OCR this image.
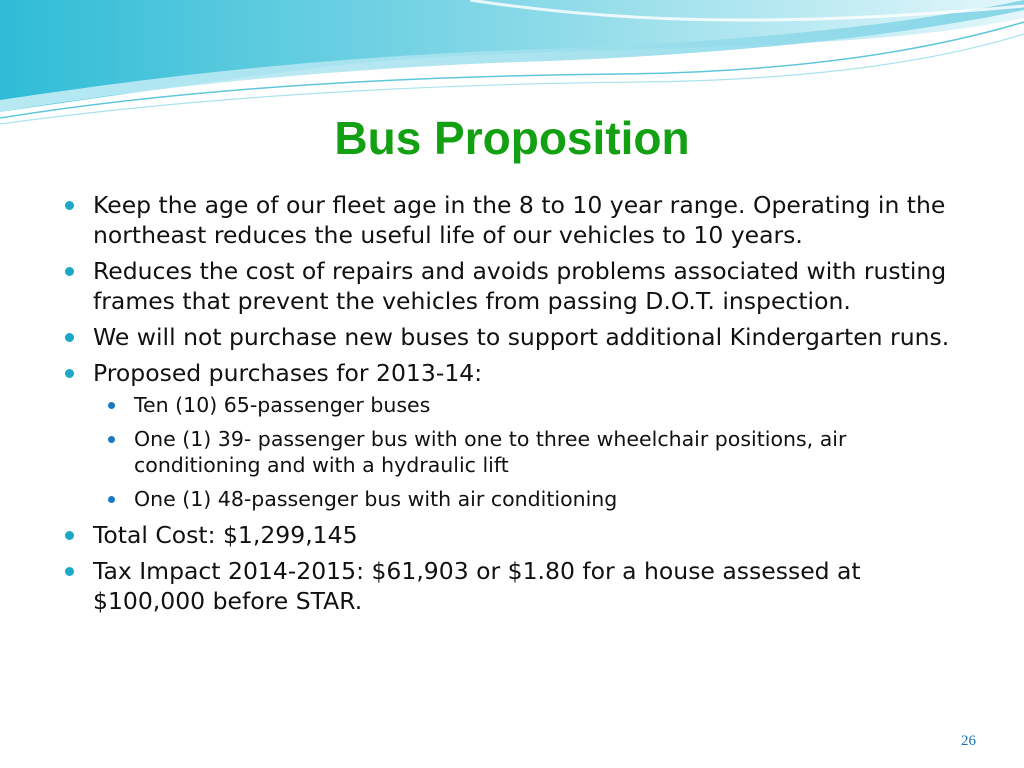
Bus Proposition
Keep the age of our fleet age in the 8 to 10 year range. Operating in the northeast reduces the useful life of our vehicles to 10 years.
Reduces the cost of repairs and avoids problems associated with rusting frames that prevent the vehicles from passing D.O.T. inspection.
We will not purchase new buses to support additional Kindergarten runs.
Proposed purchases for 2013-14:
Ten (10) 65-passenger buses
One (1) 39- passenger bus with one to three wheelchair positions, air conditioning and with a hydraulic lift
One (1) 48-passenger bus with air conditioning
Total Cost: $1,299,145
Tax Impact 2014-2015: $61,903 or $1.80 for a house assessed at $100,000 before STAR.
26
